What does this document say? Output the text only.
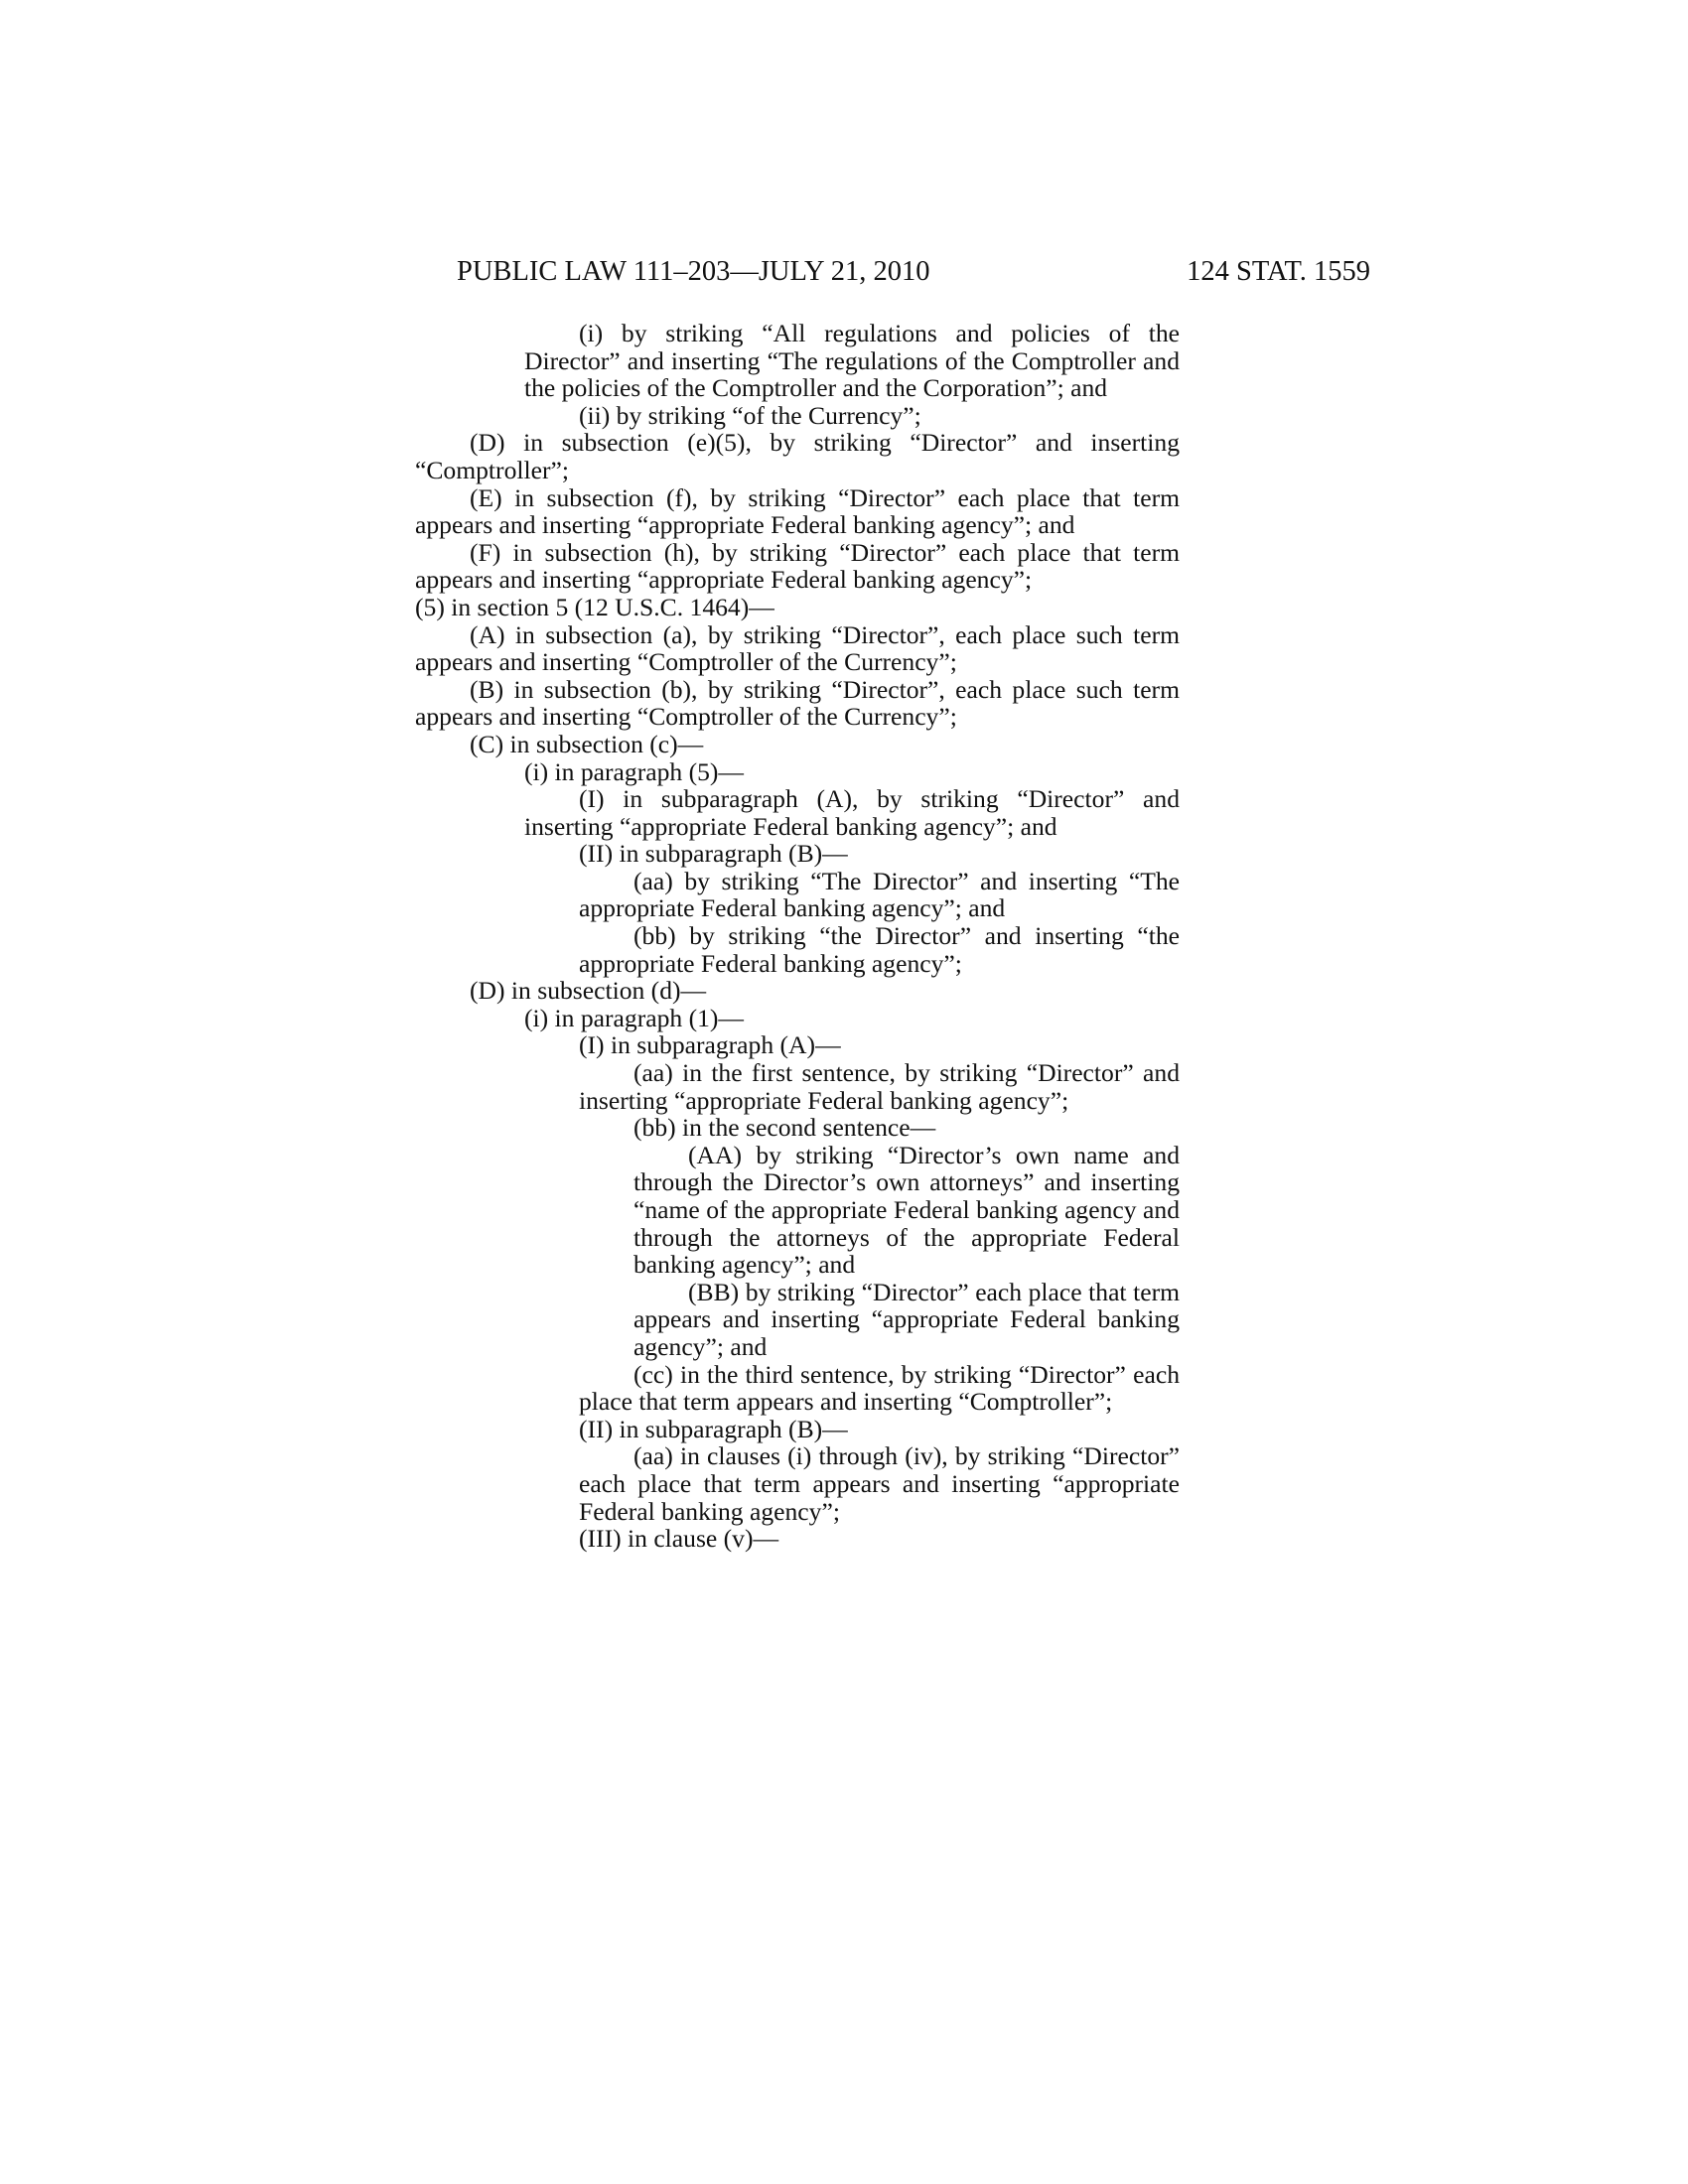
PUBLIC LAW 111–203—JULY 21, 2010	124 STAT. 1559

(i) by striking “All regulations and policies of the Director” and inserting “The regulations of the Comptroller and the policies of the Comptroller and the Corporation”; and

(ii) by striking “of the Currency”;

(D) in subsection (e)(5), by striking “Director” and inserting “Comptroller”;

(E) in subsection (f), by striking “Director” each place that term appears and inserting “appropriate Federal banking agency”; and

(F) in subsection (h), by striking “Director” each place that term appears and inserting “appropriate Federal banking agency”;

(5) in section 5 (12 U.S.C. 1464)—

(A) in subsection (a), by striking “Director”, each place such term appears and inserting “Comptroller of the Currency”;

(B) in subsection (b), by striking “Director”, each place such term appears and inserting “Comptroller of the Currency”;

(C) in subsection (c)—

(i) in paragraph (5)—

(I) in subparagraph (A), by striking “Director” and inserting “appropriate Federal banking agency”; and

(II) in subparagraph (B)—

(aa) by striking “The Director” and inserting “The appropriate Federal banking agency”; and

(bb) by striking “the Director” and inserting “the appropriate Federal banking agency”;

(D) in subsection (d)—

(i) in paragraph (1)—

(I) in subparagraph (A)—

(aa) in the first sentence, by striking “Director” and inserting “appropriate Federal banking agency”;

(bb) in the second sentence—

(AA) by striking “Director’s own name and through the Director’s own attorneys” and inserting “name of the appropriate Federal banking agency and through the attorneys of the appropriate Federal banking agency”; and

(BB) by striking “Director” each place that term appears and inserting “appropriate Federal banking agency”; and

(cc) in the third sentence, by striking “Director” each place that term appears and inserting “Comptroller”;

(II) in subparagraph (B)—

(aa) in clauses (i) through (iv), by striking “Director” each place that term appears and inserting “appropriate Federal banking agency”;

(III) in clause (v)—
